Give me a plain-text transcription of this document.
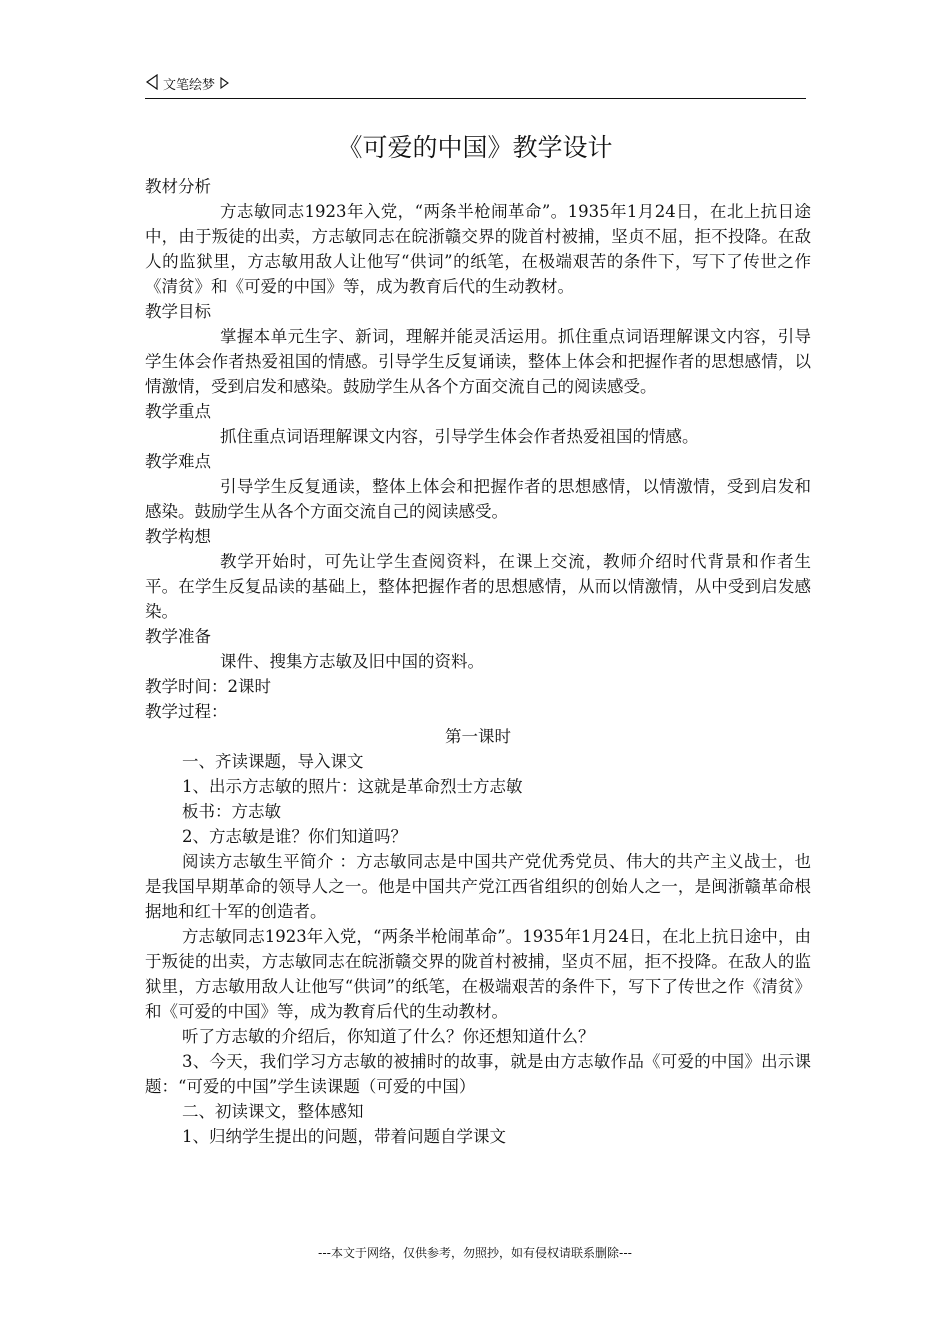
文笔绘梦
《可爱的中国》教学设计

教材分析

方志敏同志1923年入党，“两条半枪闹革命”。1935年1月24日，在北上抗日途中，由于叛徒的出卖，方志敏同志在皖浙赣交界的陇首村被捕，坚贞不屈，拒不投降。在敌人的监狱里，方志敏用敌人让他写“供词”的纸笔，在极端艰苦的条件下，写下了传世之作《清贫》和《可爱的中国》等，成为教育后代的生动教材。

教学目标

掌握本单元生字、新词，理解并能灵活运用。抓住重点词语理解课文内容，引导学生体会作者热爱祖国的情感。引导学生反复诵读，整体上体会和把握作者的思想感情，以情激情，受到启发和感染。鼓励学生从各个方面交流自己的阅读感受。

教学重点

抓住重点词语理解课文内容，引导学生体会作者热爱祖国的情感。

教学难点

引导学生反复通读，整体上体会和把握作者的思想感情，以情激情，受到启发和感染。鼓励学生从各个方面交流自己的阅读感受。

教学构想

教学开始时，可先让学生查阅资料，在课上交流，教师介绍时代背景和作者生平。在学生反复品读的基础上，整体把握作者的思想感情，从而以情激情，从中受到启发感染。

教学准备

课件、搜集方志敏及旧中国的资料。

教学时间：2课时

教学过程：

第一课时

一、齐读课题，导入课文

1、出示方志敏的照片：这就是革命烈士方志敏

板书：方志敏

2、方志敏是谁？你们知道吗？

阅读方志敏生平简介 ：方志敏同志是中国共产党优秀党员、伟大的共产主义战士，也是我国早期革命的领导人之一。他是中国共产党江西省组织的创始人之一，是闽浙赣革命根据地和红十军的创造者。

方志敏同志1923年入党，“两条半枪闹革命”。1935年1月24日，在北上抗日途中，由于叛徒的出卖，方志敏同志在皖浙赣交界的陇首村被捕，坚贞不屈，拒不投降。在敌人的监狱里，方志敏用敌人让他写“供词”的纸笔，在极端艰苦的条件下，写下了传世之作《清贫》和《可爱的中国》等，成为教育后代的生动教材。

听了方志敏的介绍后，你知道了什么？你还想知道什么？

3、今天，我们学习方志敏的被捕时的故事，就是由方志敏作品《可爱的中国》出示课题：“可爱的中国”学生读课题（可爱的中国）

二、初读课文，整体感知

1、归纳学生提出的问题，带着问题自学课文

---本文于网络，仅供参考，勿照抄，如有侵权请联系删除---
